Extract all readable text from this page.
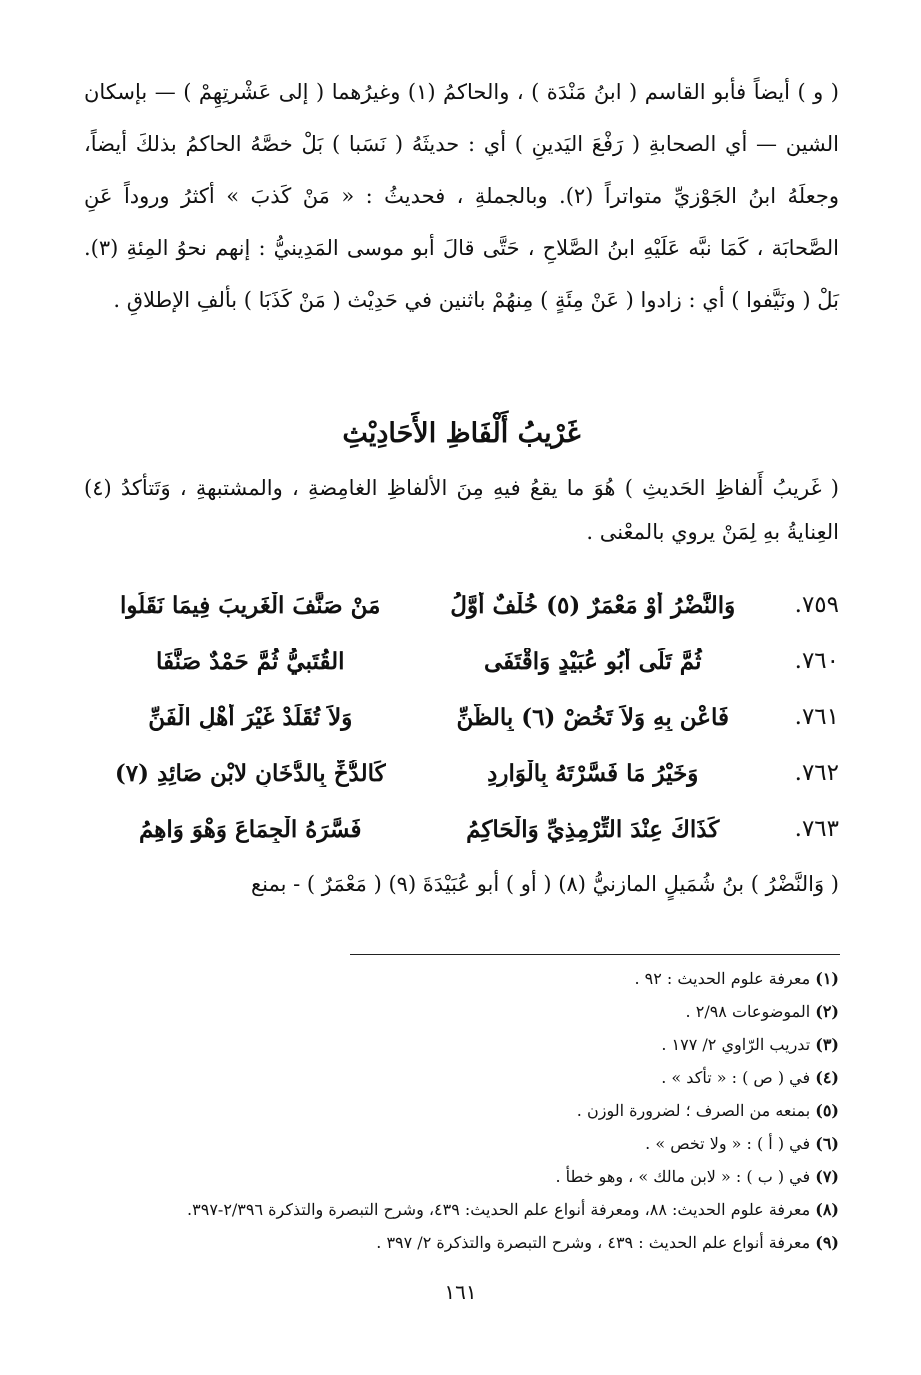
( و ) أيضاً فأبو القاسم ( ابنُ مَنْدَة ) ، والحاكمُ (١) وغيرُهما ( إلى عَشْرتِهِمْ ) — بإسكان الشين — أي الصحابةِ ( رَفْعَ اليَدينِ ) أي : حديثَهُ ( نَسَبا ) بَلْ خصَّهُ الحاكمُ بذلكَ أيضاً، وجعلَهُ ابنُ الجَوْزيِّ متواتراً (٢). وبالجملةِ ، فحديثُ : « مَنْ كَذبَ » أكثرُ وروداً عَنِ الصَّحابَة ، كَمَا نبَّه عَلَيْهِ ابنُ الصَّلاحِ ، حَتَّى قالَ أبو موسى المَدِينيُّ : إنهم نحوُ المِئةِ (٣). بَلْ ( ونَيَّفوا ) أي : زادوا ( عَنْ مِئَةٍ ) مِنهُمْ باثنين في حَدِيْث ( مَنْ كَذَبَا ) بألفِ الإطلاقِ .

غَرْيبُ أَلْفَاظِ الأَحَادِيْثِ

( غَريبُ أَلفاظِ الحَديثِ ) هُوَ ما يقعُ فيهِ مِنَ الألفاظِ الغامِضةِ ، والمشتبهةِ ، وَتَتأكدُ (٤) العِنايةُ بهِ لِمَنْ يروي بالمعْنى .

٧٥٩.
وَالنَّضْرُ أَوْ مَعْمَرٌ (٥) خُلْفٌ أَوَّلُ
مَنْ صَنَّفَ الْغَريبَ فِيمَا نَقَلُوا
٧٦٠.
ثُمَّ تَلَى أَبُو عُبَيْدٍ وَاقْتَفَى
القُتَبيُّ ثُمَّ حَمْدٌ صَنَّفَا
٧٦١.
فَاعْنِ بِهِ وَلاَ تَخُضْ (٦) بِالظَّنِّ
وَلاَ تُقَلِّدْ غَيْرَ أَهْلِ الْفَنِّ
٧٦٢.
وَخَيْرُ مَا فَسَّرْتَهُ بِالْوَارِدِ
كَالدُّخِّ بِالدُّخَانِ لابْنِ صَائِدِ (٧)
٧٦٣.
كَذَاكَ عِنْدَ التِّرْمِذِيِّ وَالْحَاكِمُ
فَسَّرَهُ الْجِمَاعَ وَهْوَ وَاهِمُ
( وَالنَّضْرُ ) بنُ شُمَيلٍ المازنيُّ (٨) ( أو ) أبو عُبَيْدَةَ (٩) ( مَعْمَرٌ ) - بمنع
(١) معرفة علوم الحديث : ٩٢ .
(٢) الموضوعات ٢/٩٨ .
(٣) تدريب الرّاوي ٢/ ١٧٧ .
(٤) في ( ص ) : « تأكد » .
(٥) بمنعه من الصرف ؛ لضرورة الوزن .
(٦) في ( أ ) : « ولا تخص » .
(٧) في ( ب ) : « لابن مالك » ، وهو خطأ .
(٨) معرفة علوم الحديث: ٨٨، ومعرفة أنواع علم الحديث: ٤٣٩، وشرح التبصرة والتذكرة ٢/٣٩٦-٣٩٧.
(٩) معرفة أنواع علم الحديث : ٤٣٩ ، وشرح التبصرة والتذكرة ٢/ ٣٩٧ .
١٦١
